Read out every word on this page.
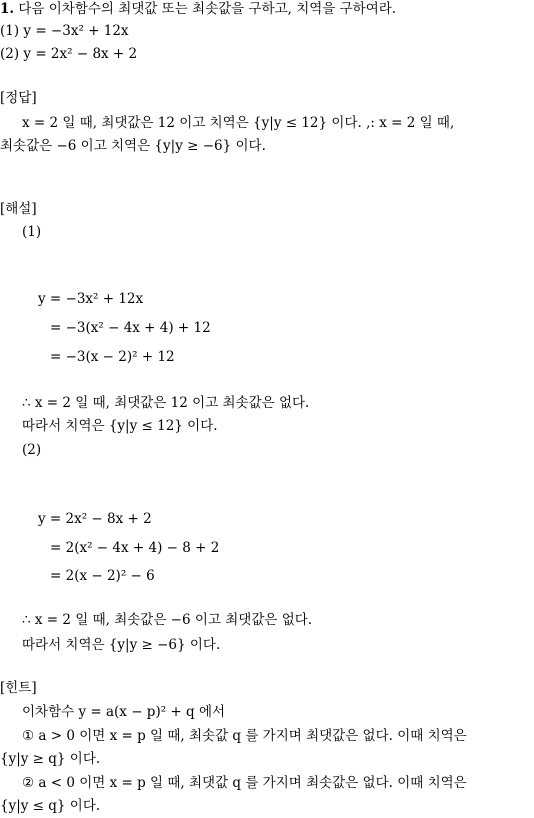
1. 다음 이차함수의 최댓값 또는 최솟값을 구하고, 치역을 구하여라.
(1) y = −3x² + 12x
(2) y = 2x² − 8x + 2
[정답]
x = 2 일 때, 최댓값은 12 이고 치역은 {y|y ≤ 12} 이다. ,: x = 2 일 때,
최솟값은 −6 이고 치역은 {y|y ≥ −6} 이다.
[해설]
(1)
y = −3x² + 12x
= −3(x² − 4x + 4) + 12
= −3(x − 2)² + 12
∴ x = 2 일 때, 최댓값은 12 이고 최솟값은 없다.
따라서 치역은 {y|y ≤ 12} 이다.
(2)
y = 2x² − 8x + 2
= 2(x² − 4x + 4) − 8 + 2
= 2(x − 2)² − 6
∴ x = 2 일 때, 최솟값은 −6 이고 최댓값은 없다.
따라서 치역은 {y|y ≥ −6} 이다.
[힌트]
이차함수 y = a(x − p)² + q 에서
① a > 0 이면 x = p 일 때, 최솟값 q 를 가지며 최댓값은 없다. 이때 치역은
{y|y ≥ q} 이다.
② a < 0 이면 x = p 일 때, 최댓값 q 를 가지며 최솟값은 없다. 이때 치역은
{y|y ≤ q} 이다.
